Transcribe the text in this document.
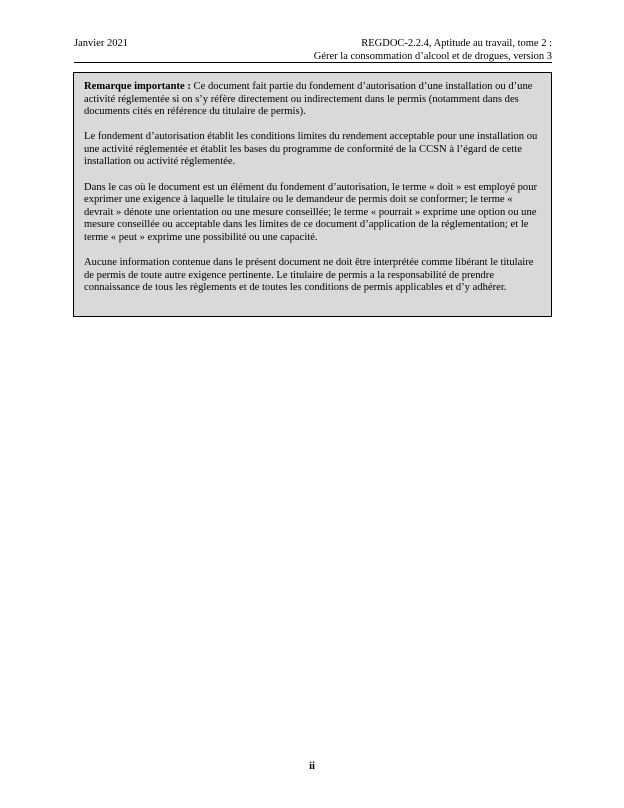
Janvier 2021	REGDOC-2.2.4, Aptitude au travail, tome 2 :
Gérer la consommation d’alcool et de drogues, version 3

Remarque importante : Ce document fait partie du fondement d’autorisation d’une installation ou d’une activité réglementée si on s’y réfère directement ou indirectement dans le permis (notamment dans des documents cités en référence du titulaire de permis).

Le fondement d’autorisation établit les conditions limites du rendement acceptable pour une installation ou une activité réglementée et établit les bases du programme de conformité de la CCSN à l’égard de cette installation ou activité réglementée.

Dans le cas où le document est un élément du fondement d’autorisation, le terme « doit » est employé pour exprimer une exigence à laquelle le titulaire ou le demandeur de permis doit se conformer; le terme « devrait » dénote une orientation ou une mesure conseillée; le terme « pourrait » exprime une option ou une mesure conseillée ou acceptable dans les limites de ce document d’application de la réglementation; et le terme « peut » exprime une possibilité ou une capacité.

Aucune information contenue dans le présent document ne doit être interprétée comme libérant le titulaire de permis de toute autre exigence pertinente. Le titulaire de permis a la responsabilité de prendre connaissance de tous les règlements et de toutes les conditions de permis applicables et d’y adhérer.

ii
